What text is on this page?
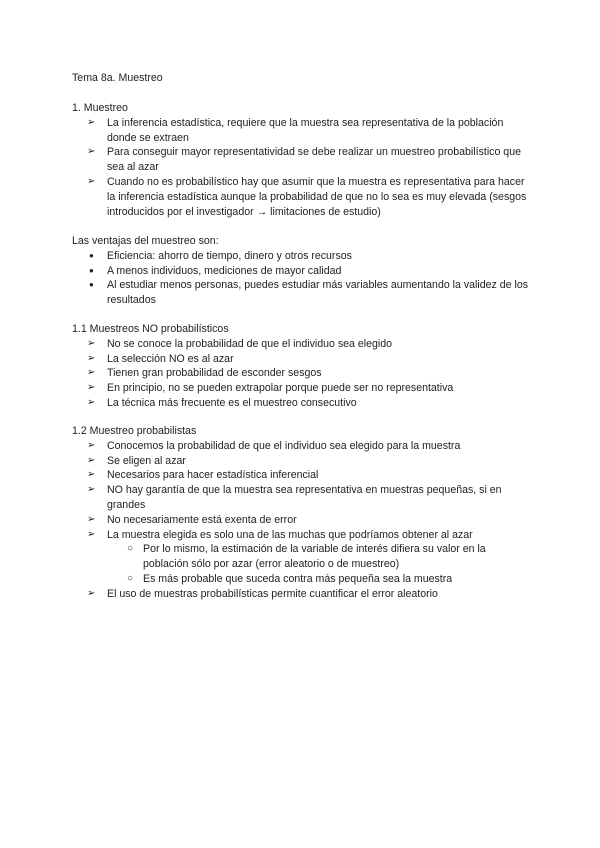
Tema 8a. Muestreo

1. Muestreo

➢	La inferencia estadística, requiere que la muestra sea representativa de la población donde se extraen
➢	Para conseguir mayor representatividad se debe realizar un muestreo probabilístico que sea al azar
➢	Cuando no es probabilístico hay que asumir que la muestra es representativa para hacer la inferencia estadística aunque la probabilidad de que no lo sea es muy elevada (sesgos introducidos por el investigador → limitaciones de estudio)

Las ventajas del muestreo son:

●	Eficiencia: ahorro de tiempo, dinero y otros recursos
●	A menos individuos, mediciones de mayor calidad
●	Al estudiar menos personas, puedes estudiar más variables aumentando la validez de los resultados

1.1 Muestreos NO probabilísticos

➢	No se conoce la probabilidad de que el individuo sea elegido
➢	La selección NO es al azar
➢	Tienen gran probabilidad de esconder sesgos
➢	En principio, no se pueden extrapolar porque puede ser no representativa
➢	La técnica más frecuente es el muestreo consecutivo

1.2 Muestreo probabilistas

➢	Conocemos la probabilidad de que el individuo sea elegido para la muestra
➢	Se eligen al azar
➢	Necesarios para hacer estadística inferencial
➢	NO hay garantía de que la muestra sea representativa en muestras pequeñas, si en grandes
➢	No necesariamente está exenta de error
➢	La muestra elegida es solo una de las muchas que podríamos obtener al azar
○ Por lo mismo, la estimación de la variable de interés difiera su valor en la población sólo por azar (error aleatorio o de muestreo)
○ Es más probable que suceda contra más pequeña sea la muestra
➢	El uso de muestras probabilísticas permite cuantificar el error aleatorio
